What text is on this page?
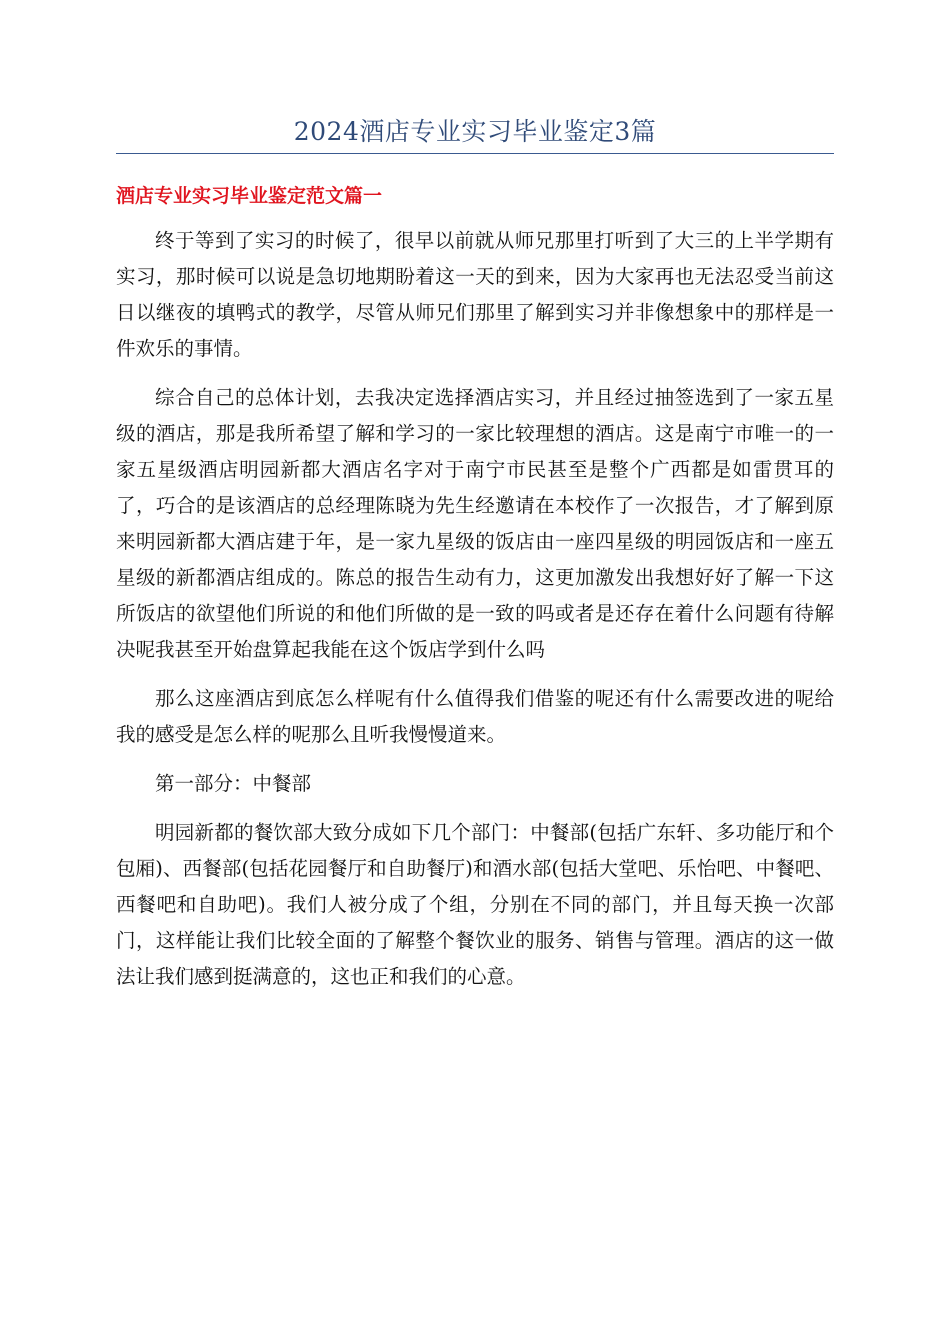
2024酒店专业实习毕业鉴定3篇
酒店专业实习毕业鉴定范文篇一

终于等到了实习的时候了，很早以前就从师兄那里打听到了大三的上半学期有实习，那时候可以说是急切地期盼着这一天的到来，因为大家再也无法忍受当前这日以继夜的填鸭式的教学，尽管从师兄们那里了解到实习并非像想象中的那样是一件欢乐的事情。

综合自己的总体计划，去我决定选择酒店实习，并且经过抽签选到了一家五星级的酒店，那是我所希望了解和学习的一家比较理想的酒店。这是南宁市唯一的一家五星级酒店明园新都大酒店名字对于南宁市民甚至是整个广西都是如雷贯耳的了，巧合的是该酒店的总经理陈晓为先生经邀请在本校作了一次报告，才了解到原来明园新都大酒店建于年，是一家九星级的饭店由一座四星级的明园饭店和一座五星级的新都酒店组成的。陈总的报告生动有力，这更加激发出我想好好了解一下这所饭店的欲望他们所说的和他们所做的是一致的吗或者是还存在着什么问题有待解决呢我甚至开始盘算起我能在这个饭店学到什么吗

那么这座酒店到底怎么样呢有什么值得我们借鉴的呢还有什么需要改进的呢给我的感受是怎么样的呢那么且听我慢慢道来。

第一部分：中餐部

明园新都的餐饮部大致分成如下几个部门：中餐部(包括广东轩、多功能厅和个包厢)、西餐部(包括花园餐厅和自助餐厅)和酒水部(包括大堂吧、乐怡吧、中餐吧、西餐吧和自助吧)。我们人被分成了个组，分别在不同的部门，并且每天换一次部门，这样能让我们比较全面的了解整个餐饮业的服务、销售与管理。酒店的这一做法让我们感到挺满意的，这也正和我们的心意。
